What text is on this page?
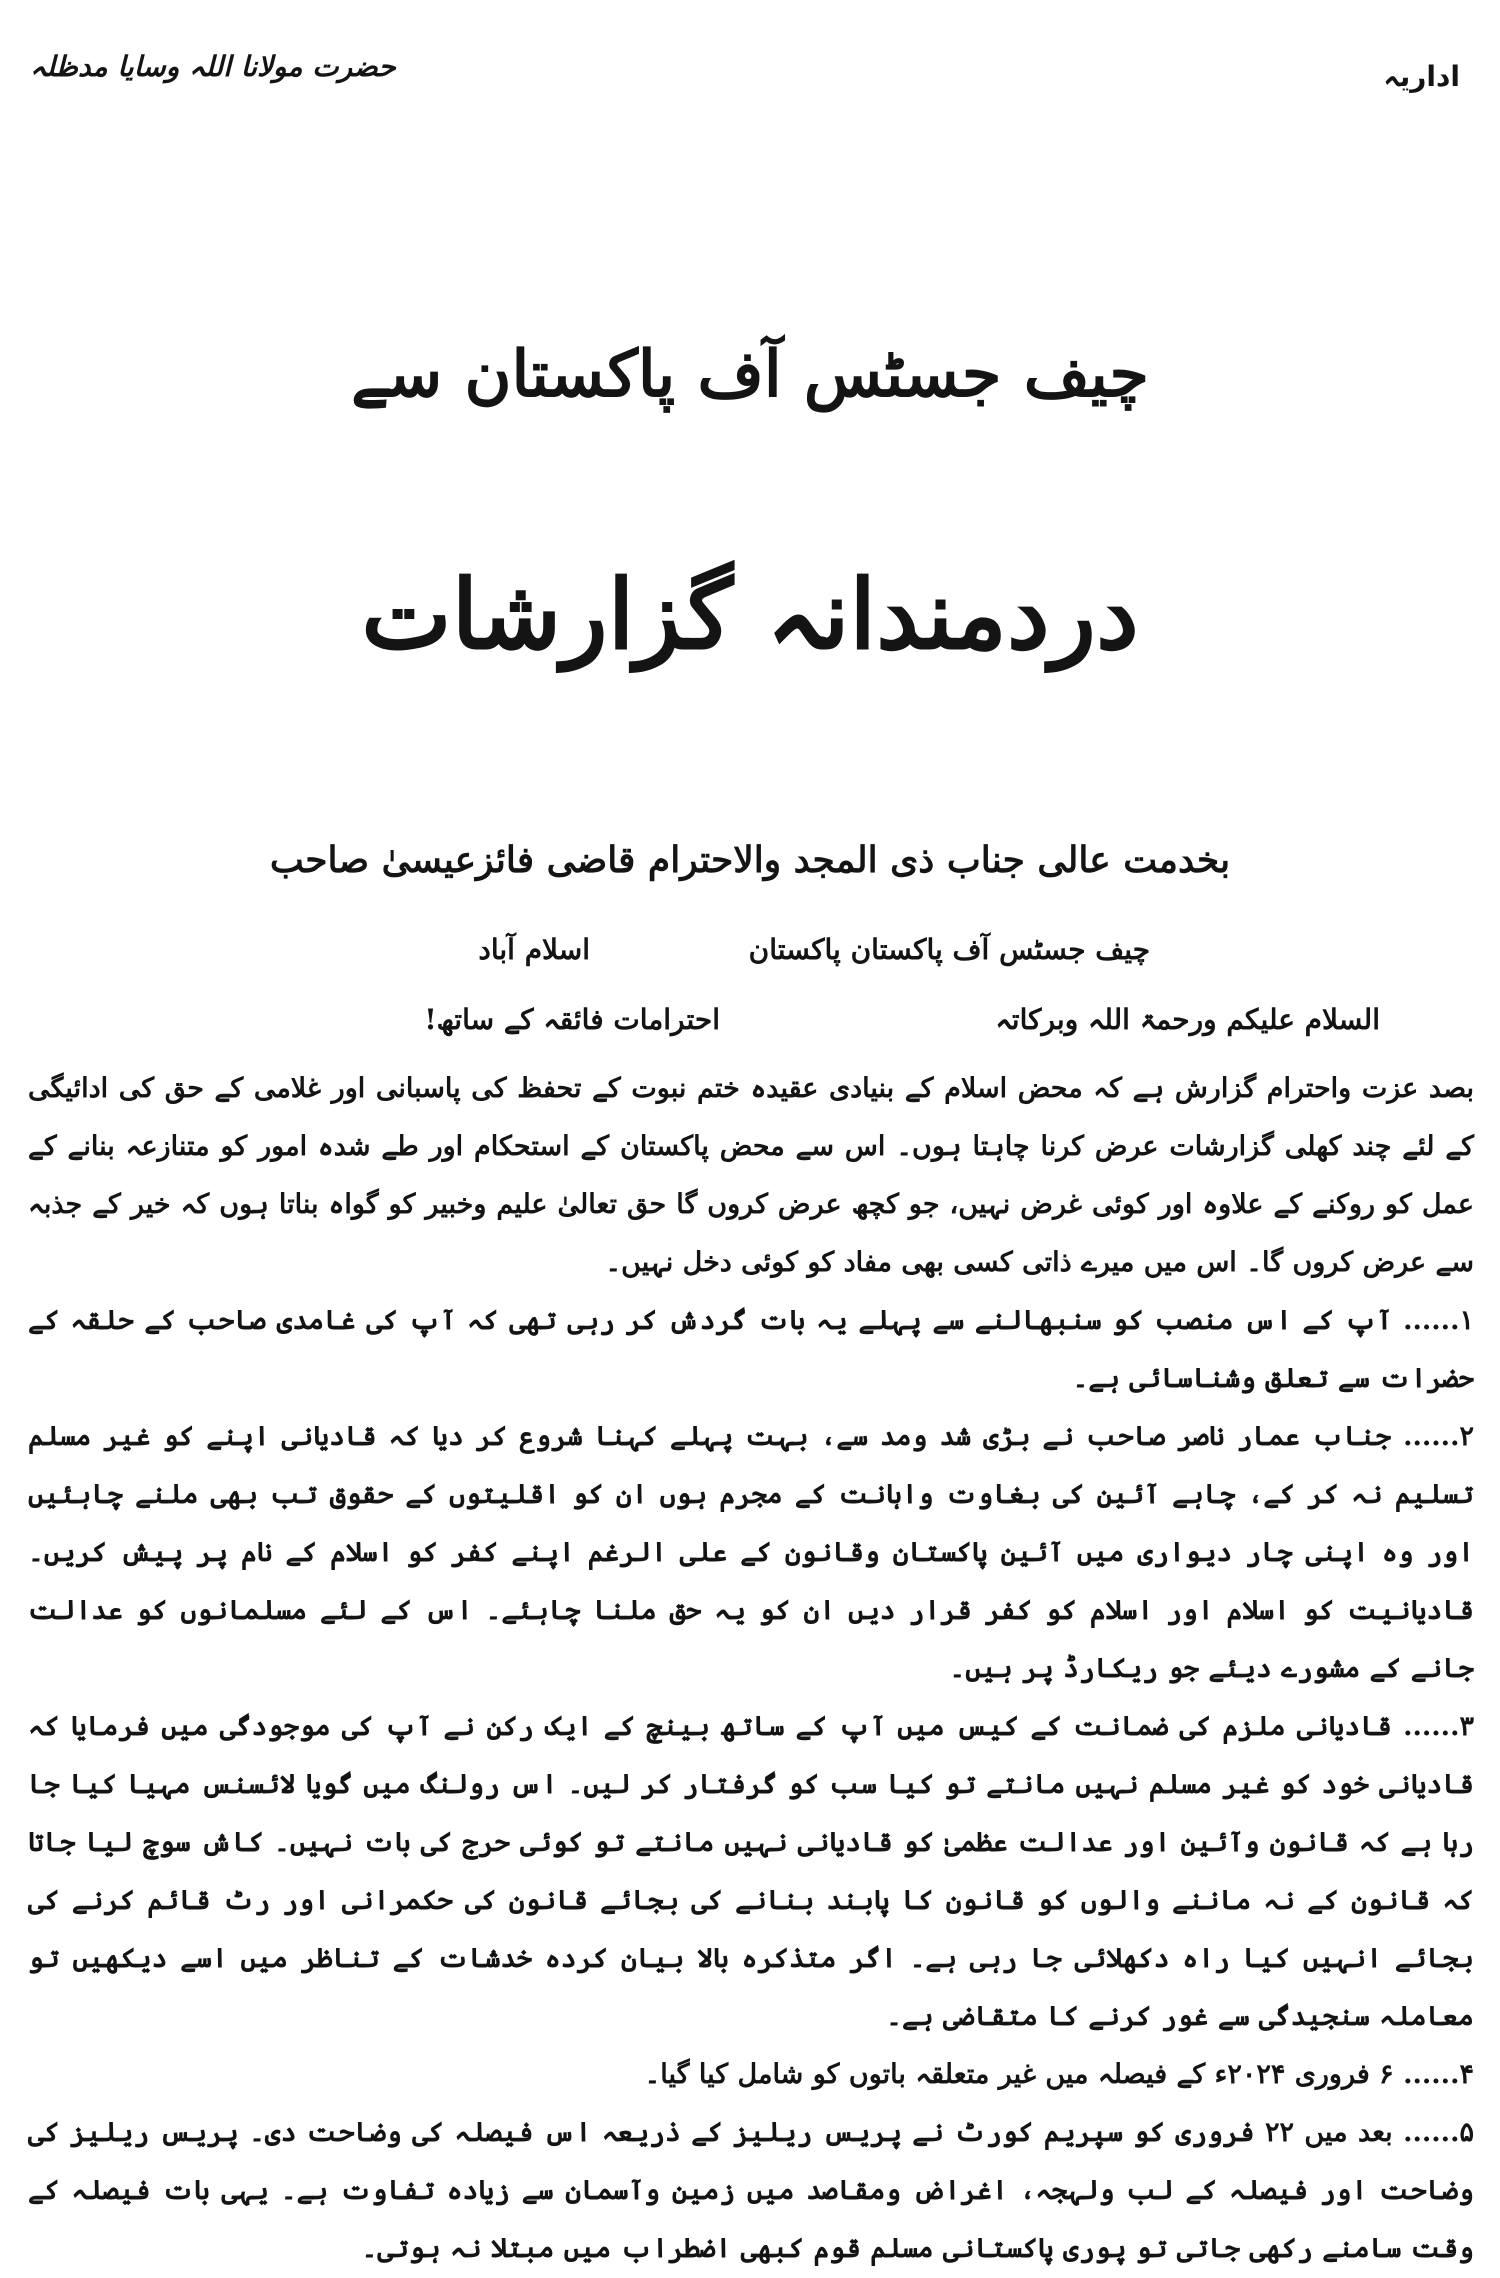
اداریہ
حضرت مولانا اللہ وسایا مدظلہ
چیف جسٹس آف پاکستان سے
دردمندانہ گزارشات
بخدمت عالی جناب ذی المجد والاحترام قاضی فائزعیسیٰ صاحب
چیف جسٹس آف پاکستان پاکستان
اسلام آباد
السلام علیکم ورحمۃ اللہ وبرکاتہ
احترامات فائقہ کے ساتھ!

بصد عزت واحترام گزارش ہے کہ محض اسلام کے بنیادی عقیدہ ختم نبوت کے تحفظ کی پاسبانی اور غلامی کے حق کی ادائیگی کے لئے چند کھلی گزارشات عرض کرنا چاہتا ہوں۔ اس سے محض پاکستان کے استحکام اور طے شدہ امور کو متنازعہ بنانے کے عمل کو روکنے کے علاوہ اور کوئی غرض نہیں، جو کچھ عرض کروں گا حق تعالیٰ علیم وخبیر کو گواہ بناتا ہوں کہ خیر کے جذبہ سے عرض کروں گا۔ اس میں میرے ذاتی کسی بھی مفاد کو کوئی دخل نہیں۔

۱...... آپ کے اس منصب کو سنبھالنے سے پہلے یہ بات گردش کر رہی تھی کہ آپ کی غامدی صاحب کے حلقہ کے حضرات سے تعلق وشناسائی ہے۔

۲...... جناب عمار ناصر صاحب نے بڑی شد ومد سے، بہت پہلے کہنا شروع کر دیا کہ قادیانی اپنے کو غیر مسلم تسلیم نہ کر کے، چاہے آئین کی بغاوت واہانت کے مجرم ہوں ان کو اقلیتوں کے حقوق تب بھی ملنے چاہئیں اور وہ اپنی چار دیواری میں آئین پاکستان وقانون کے علی الرغم اپنے کفر کو اسلام کے نام پر پیش کریں۔ قادیانیت کو اسلام اور اسلام کو کفر قرار دیں ان کو یہ حق ملنا چاہئے۔ اس کے لئے مسلمانوں کو عدالت جانے کے مشورے دیئے جو ریکارڈ پر ہیں۔

۳...... قادیانی ملزم کی ضمانت کے کیس میں آپ کے ساتھ بینچ کے ایک رکن نے آپ کی موجودگی میں فرمایا کہ قادیانی خود کو غیر مسلم نہیں مانتے تو کیا سب کو گرفتار کر لیں۔ اس رولنگ میں گویا لائسنس مہیا کیا جا رہا ہے کہ قانون وآئین اور عدالت عظمیٰ کو قادیانی نہیں مانتے تو کوئی حرج کی بات نہیں۔ کاش سوچ لیا جاتا کہ قانون کے نہ ماننے والوں کو قانون کا پابند بنانے کی بجائے قانون کی حکمرانی اور رٹ قائم کرنے کی بجائے انہیں کیا راہ دکھلائی جا رہی ہے۔ اگر متذکرہ بالا بیان کردہ خدشات کے تناظر میں اسے دیکھیں تو معاملہ سنجیدگی سے غور کرنے کا متقاضی ہے۔

۴...... ۶ فروری ۲۰۲۴ء کے فیصلہ میں غیر متعلقہ باتوں کو شامل کیا گیا۔

۵...... بعد میں ۲۲ فروری کو سپریم کورٹ نے پریس ریلیز کے ذریعہ اس فیصلہ کی وضاحت دی۔ پریس ریلیز کی وضاحت اور فیصلہ کے لب ولہجہ، اغراض ومقاصد میں زمین وآسمان سے زیادہ تفاوت ہے۔ یہی بات فیصلہ کے وقت سامنے رکھی جاتی تو پوری پاکستانی مسلم قوم کبھی اضطراب میں مبتلا نہ ہوتی۔
